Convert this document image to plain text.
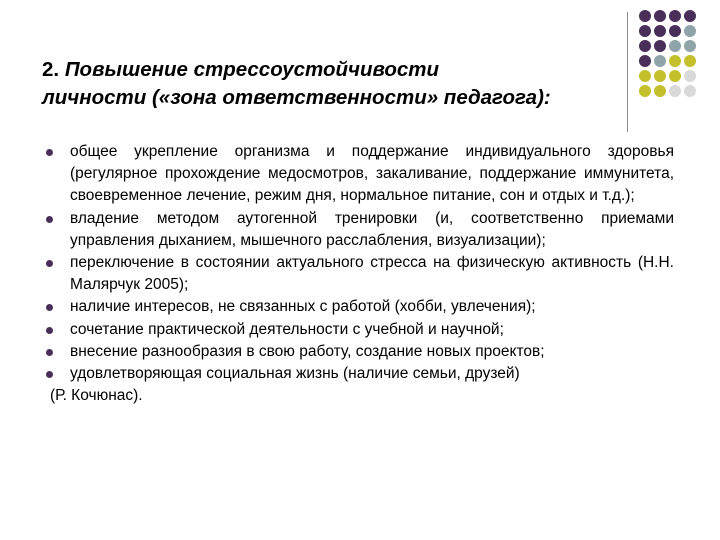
2. Повышение стрессоустойчивости
личности («зона ответственности» педагога):
общее укрепление организма и поддержание индивидуального здоровья (регулярное прохождение медосмотров, закаливание, поддержание иммунитета, своевременное лечение, режим дня, нормальное питание, сон и отдых и т.д.);
владение методом аутогенной тренировки (и, соответственно приемами управления дыханием, мышечного расслабления, визуализации);
переключение в состоянии актуального стресса на физическую активность (Н.Н. Малярчук 2005);
наличие интересов, не связанных с работой (хобби, увлечения);
сочетание практической деятельности с учебной и научной;
внесение разнообразия в свою работу, создание новых проектов;
удовлетворяющая социальная жизнь (наличие семьи, друзей)
(Р. Кочюнас).
